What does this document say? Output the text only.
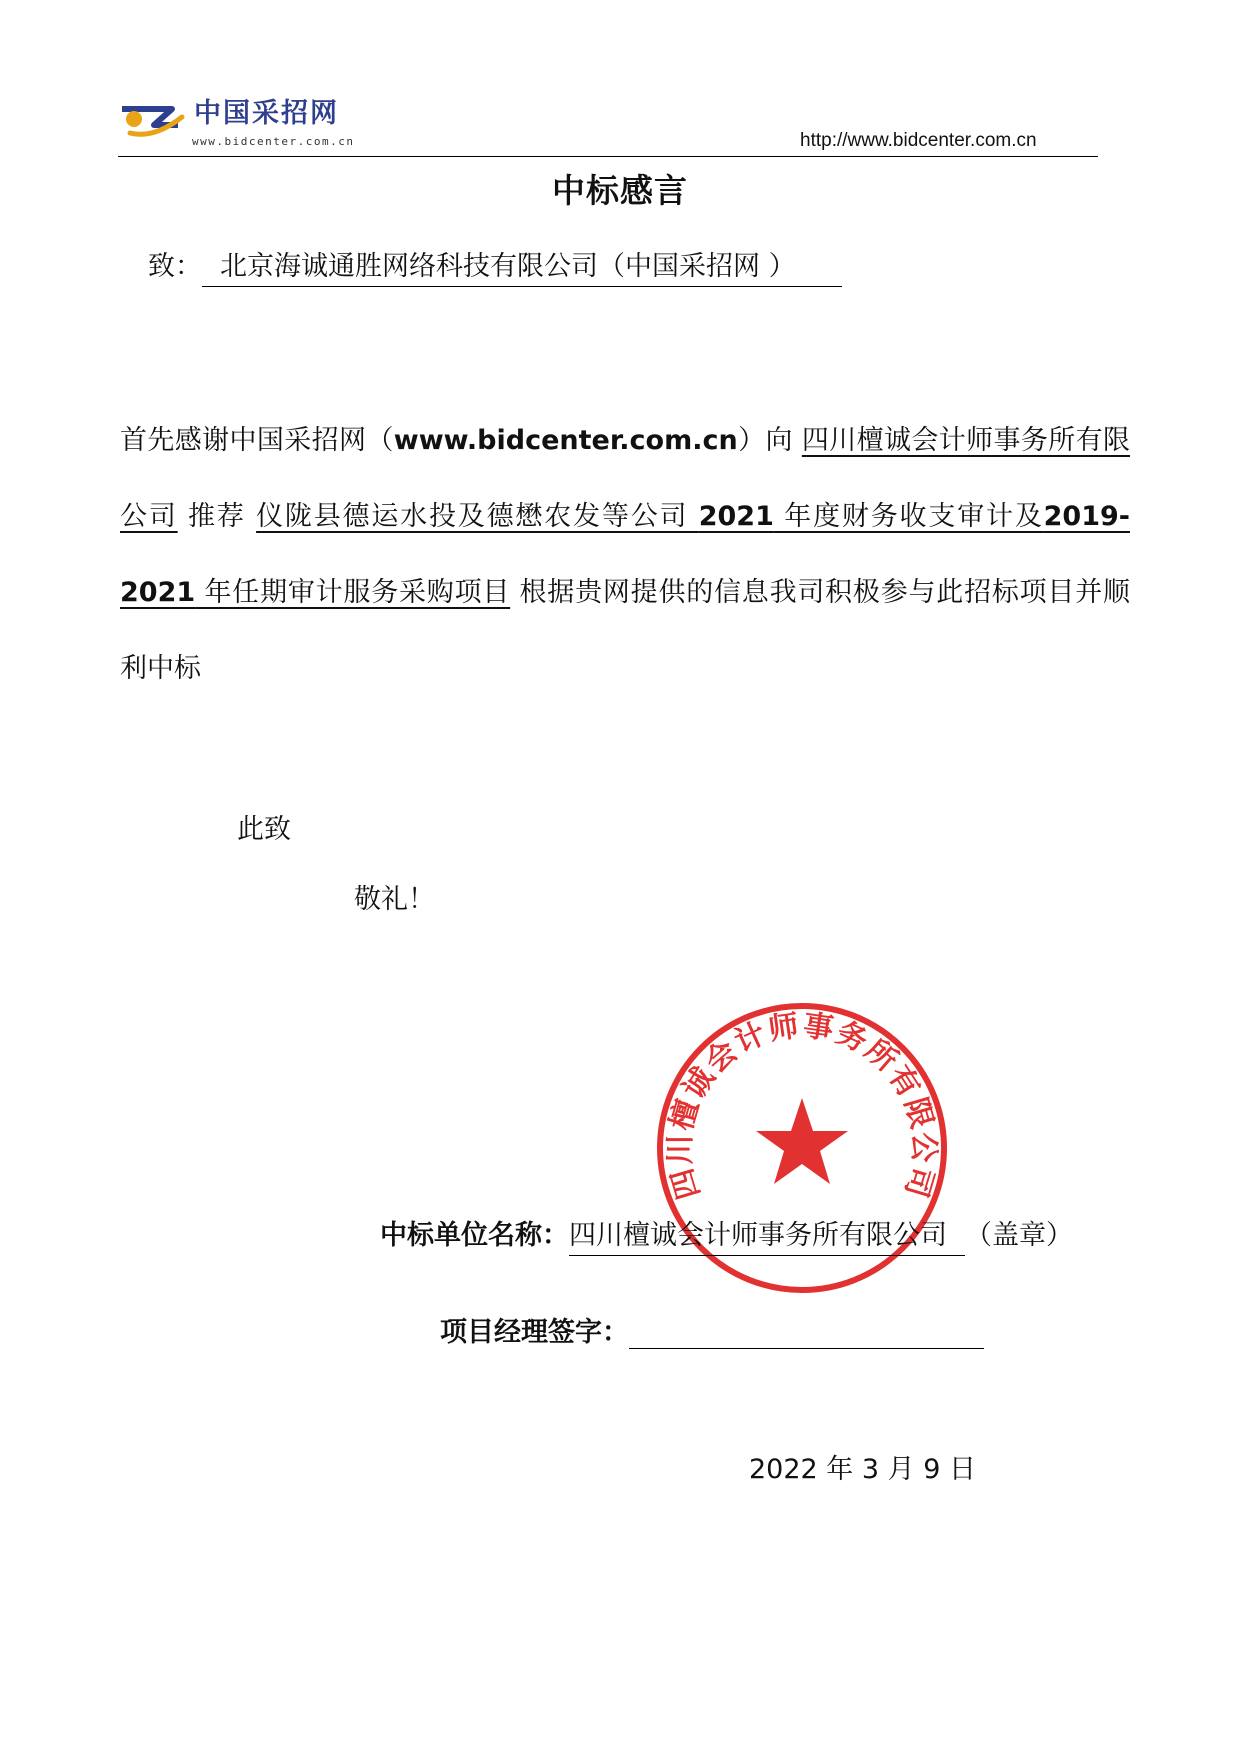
中国采招网
www.bidcenter.com.cn	http://www.bidcenter.com.cn
中标感言
致： 北京海诚通胜网络科技有限公司（中国采招网 ）
首先感谢中国采招网（www.bidcenter.com.cn）向 四川檀诚会计师事务所有限公司 推荐 仪陇县德运水投及德懋农发等公司 2021 年度财务收支审计及2019-2021 年任期审计服务采购项目 根据贵网提供的信息我司积极参与此招标项目并顺利中标
此致
敬礼！
四川檀诚会计师事务所有限公司
中标单位名称：四川檀诚会计师事务所有限公司 （盖章）
项目经理签字：
2022 年 3 月 9 日
